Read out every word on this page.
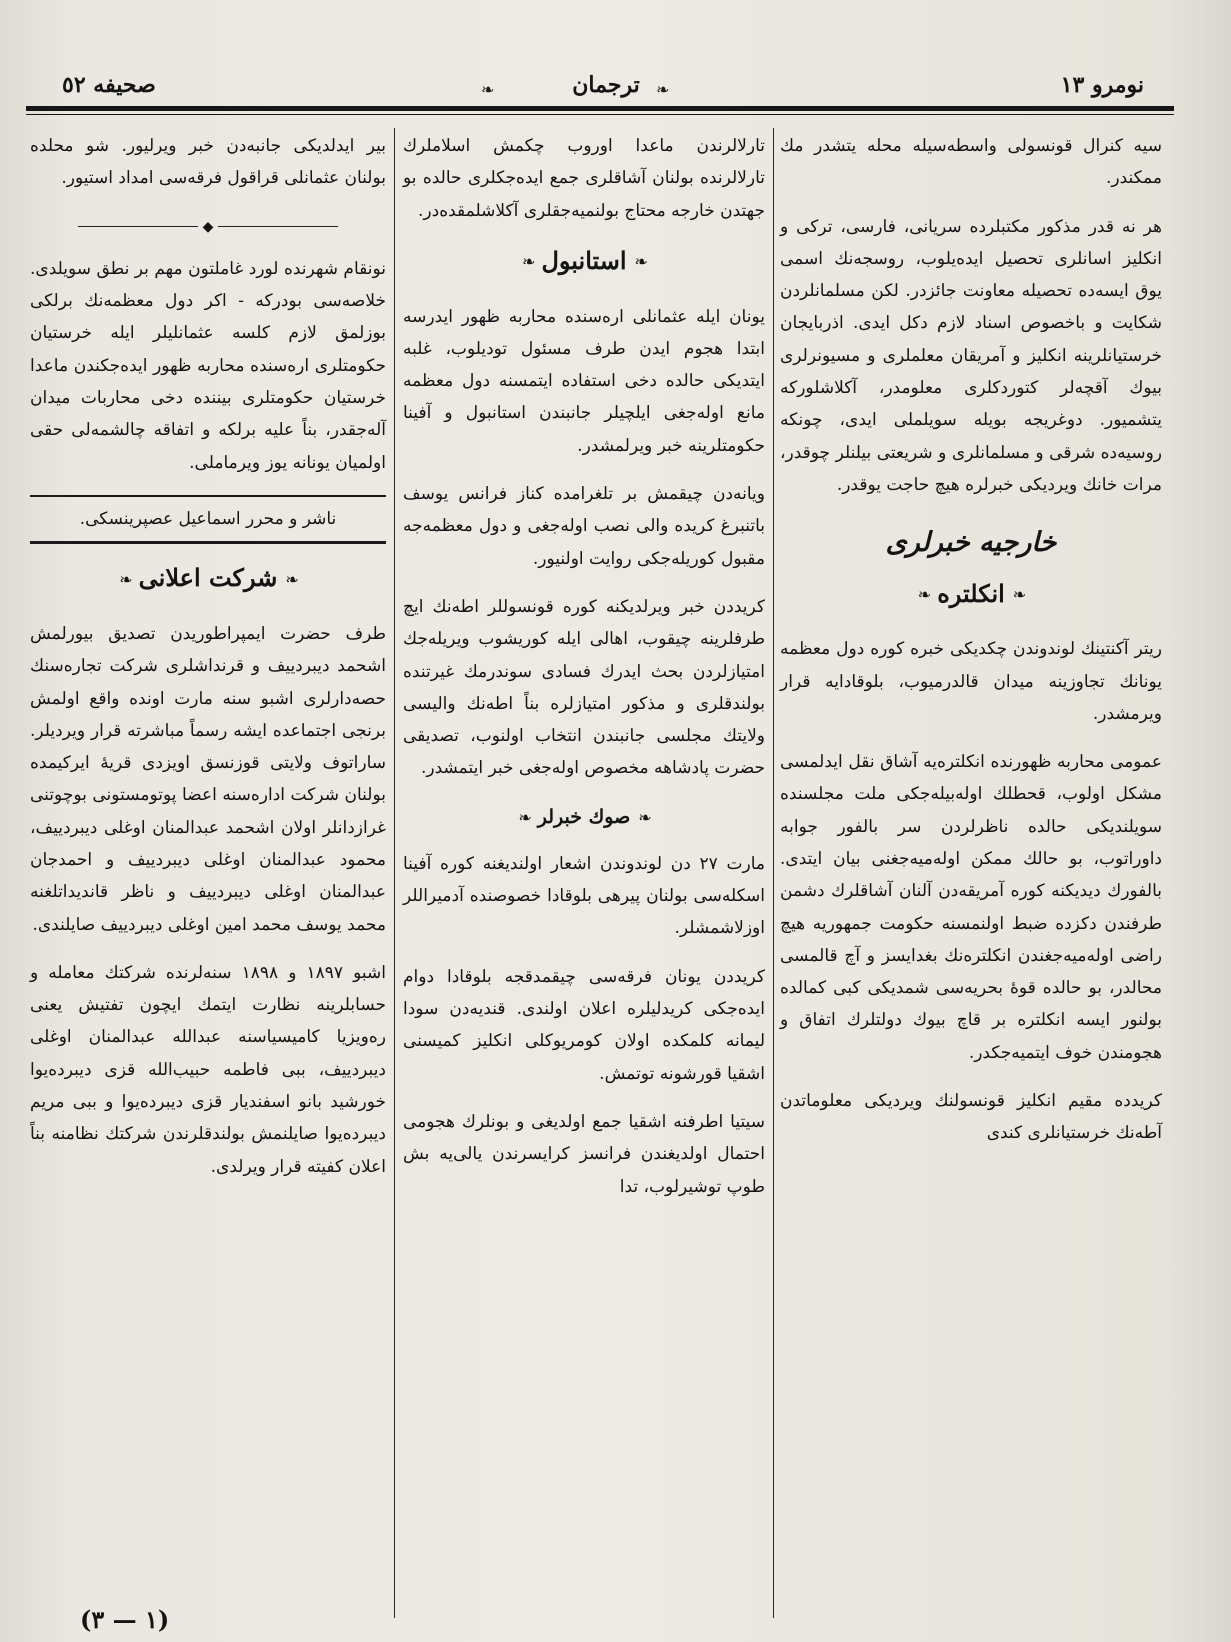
صحیفه ٥٢	❧	ترجمان	❧	نومرو ١٣

سیه کنرال قونسولی واسطه‌سیله محله یتشدر مك ممکندر.

هر نه قدر مذکور مکتبلرده سریانی، فارسی، ترکی و انکلیز اسانلری تحصیل ایده‌یلوب، روسجه‌نك اسمی یوق ایسه‌ده تحصیله معاونت جائزدر. لکن مسلمانلردن شکایت و باخصوص اسناد لازم دکل ایدی. اذربایجان خرستیانلرینه انکلیز و آمریقان معلملری و مسیونرلری بیوك آقچه‌لر کتوردکلری معلومدر، آکلاشلورکه یتشمیور. دوغریجه بویله سویلملی ایدی، چونکه روسیه‌ده شرقی و مسلمانلری و شریعتی بیلنلر چوقدر، مرات خانك ویردیکی خبرلره هیچ حاجت یوقدر.

خارجیه خبرلری
❧انکلتره❧

ریتر آکنتینك لوندوندن چکدیکی خبره کوره دول معظمه یونانك تجاوزینه میدان قالدرمیوب، بلوقادایه قرار ویرمشدر.

عمومی محاربه ظهورنده انکلتره‌یه آشاق نقل ایدلمسی مشکل اولوب، قحطلك اوله‌بیله‌جکی ملت مجلسنده سویلندیکی حالده ناظرلردن سر بالفور جوابه داوراتوب، بو حالك ممکن اوله‌میه‌جغنی بیان ایتدی. بالفورك دیدیکنه کوره آمریقه‌دن آلنان آشاقلرك دشمن طرفندن دکزده ضبط اولنمسنه حکومت جمهوریه هیچ راضی اوله‌میه‌جغندن انکلتره‌نك بغدایسز و آچ قالمسی محالدر، بو حالده قوۀ بحریه‌سی شمدیکی کبی کمالده بولنور ایسه انکلتره بر قاچ بیوك دولتلرك اتفاق و هجومندن خوف ایتمیه‌جکدر.

کریدده مقیم انکلیز قونسولنك ویردیکی معلوماتدن آطه‌نك خرستیانلری کندی

تارلالرندن ماعدا اوروب چکمش اسلاملرك تارلالرنده بولنان آشاقلری جمع ایده‌جکلری حالده بو جهتدن خارجه محتاج بولنمیه‌جقلری آکلاشلمقده‌در.

❧استانبول❧

یونان ایله عثمانلی اره‌سنده محاربه ظهور ایدرسه ابتدا هجوم ایدن طرف مسئول تودیلوب، غلبه ایتدیکی حالده دخی استفاده ایتمسنه دول معظمه مانع اوله‌جغی ایلچیلر جانبندن استانبول و آفینا حکومتلرینه خبر ویرلمشدر.

ویانه‌دن چیقمش بر تلغرامده کناز فرانس یوسف باتنبرغ کریده والی نصب اوله‌جغی و دول معظمه‌جه مقبول کوریله‌جکی روایت اولنیور.

کریددن خبر ویرلدیکنه کوره قونسوللر اطه‌نك ایچ طرفلرینه چیقوب، اهالی ایله کوریشوب ویریله‌جك امتیازلردن بحث ایدرك فسادی سوندرمك غیرتنده بولندقلری و مذکور امتیازلره بناً اطه‌نك والیسی ولایتك مجلسی جانبندن انتخاب اولنوب، تصدیقی حضرت پادشاهه مخصوص اوله‌جغی خبر ایتمشدر.

❧صوك خبرلر❧

مارت ٢٧ دن لوندوندن اشعار اولندیغنه کوره آفینا اسکله‌سی بولنان پیرهی بلوقادا خصوصنده آدمیراللر اوزلاشمشلر.

کریددن یونان فرقه‌سی چیقمدقجه بلوقادا دوام ایده‌جکی کریدلیلره اعلان اولندی. قندیه‌دن سودا لیمانه کلمکده اولان کومریوکلی انکلیز کمیسنی اشقیا قورشونه توتمش.

سیتیا اطرفنه اشقیا جمع اولدیغی و بونلرك هجومی احتمال اولدیغندن فرانسز کرایسرندن یالی‌یه بش طوپ توشیرلوب، تدا

بیر ایدلدیکی جانبه‌دن خبر ویرلیور. شو محلده بولنان عثمانلی قراقول فرقه‌سی امداد استیور.

◆

نونقام شهرنده لورد غاملتون مهم بر نطق سویلدی. خلاصه‌سی بودرکه - اکر دول معظمه‌نك برلکی بوزلمق لازم کلسه عثمانلیلر ایله خرستیان حکومتلری اره‌سنده محاربه ظهور ایده‌جکندن ماعدا خرستیان حکومتلری بیننده دخی محاربات میدان آله‌جقدر، بناً علیه برلکه و اتفاقه چالشمه‌لی حقی اولمیان یونانه یوز ویرماملی.

ناشر و محرر اسماعیل عصپرینسکی.
❧شرکت اعلانی❧

طرف حضرت ایمپراطوریدن تصدیق بیورلمش اشحمد دیبردییف و قرنداشلری شرکت تجاره‌سنك حصه‌دارلری اشبو سنه مارت اونده واقع اولمش برنجی اجتماعده ایشه رسماً مباشرته قرار ویردیلر. ساراتوف ولایتی قوزنسق اویزدی قریۀ ایرکیمده بولنان شرکت اداره‌سنه اعضا پوتومستونی بوچوتنی غرازدانلر اولان اشحمد عبدالمنان اوغلی دیبردییف، محمود عبدالمنان اوغلی دیبردییف و احمدجان عبدالمنان اوغلی دیبردییف و ناظر قاندیداتلغنه محمد یوسف محمد امین اوغلی دیبردییف صایلندی.

اشبو ١٨٩٧ و ١٨٩٨ سنه‌لرنده شرکتك معامله و حسابلرینه نظارت ایتمك ایچون تفتیش یعنی رەویزیا کامیسیاسنه عبدالله عبدالمنان اوغلی دیبردییف، ببی فاطمه حبیب‌الله قزی دیبردەیوا خورشید بانو اسفندیار قزی دیبردەیوا و ببی مریم دیبردەیوا صایلنمش بولندقلرندن شرکتك نظامنه بناً اعلان کفیته قرار ویرلدی.

(١ — ٣)
